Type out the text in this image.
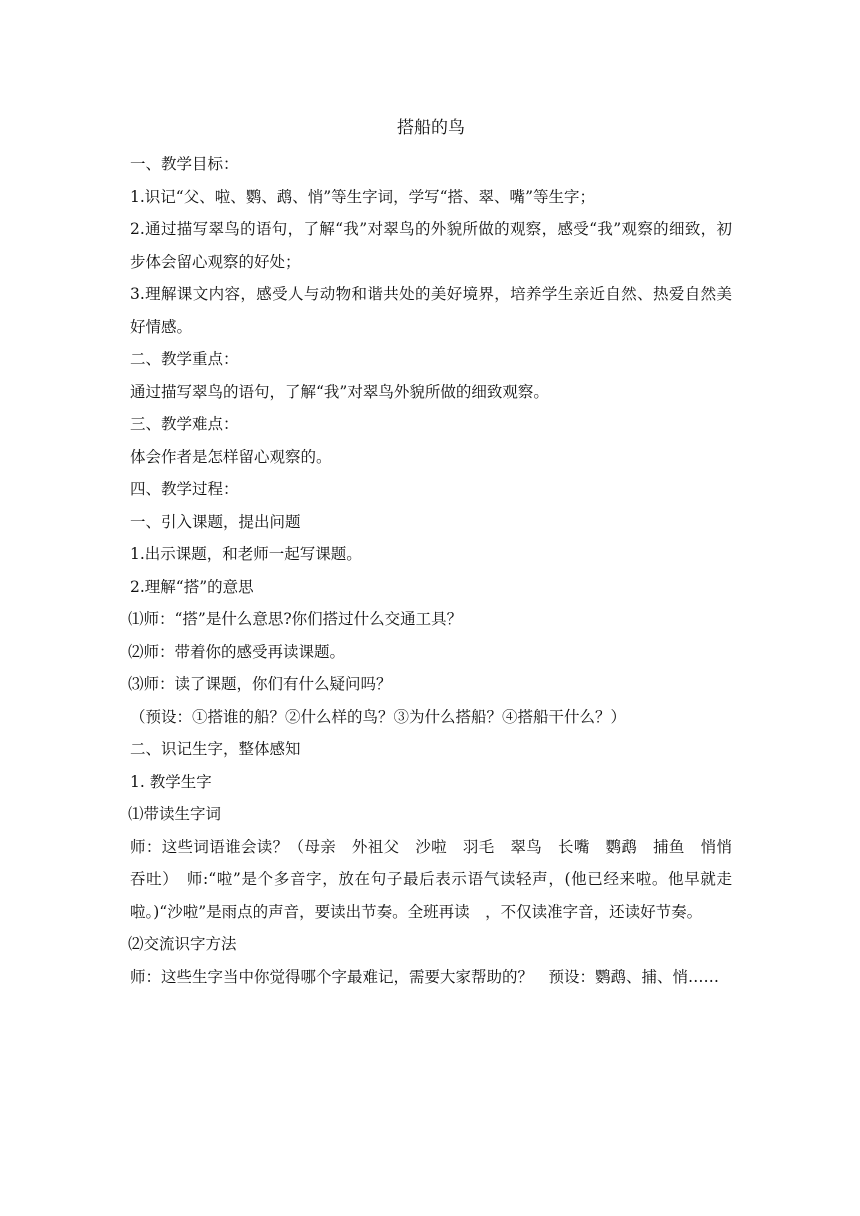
搭船的鸟

一、教学目标：

1.识记“父、啦、鹦、鹉、悄”等生字词，学写“搭、翠、嘴”等生字；

2.通过描写翠鸟的语句，了解“我”对翠鸟的外貌所做的观察，感受“我”观察的细致，初步体会留心观察的好处；

3.理解课文内容，感受人与动物和谐共处的美好境界，培养学生亲近自然、热爱自然美好情感。

二、教学重点：

通过描写翠鸟的语句，了解“我”对翠鸟外貌所做的细致观察。

三、教学难点：

体会作者是怎样留心观察的。

四、教学过程：

一、引入课题，提出问题

1.出示课题，和老师一起写课题。

2.理解“搭”的意思

⑴师：“搭”是什么意思?你们搭过什么交通工具？

⑵师：带着你的感受再读课题。

⑶师：读了课题，你们有什么疑问吗？

（预设：①搭谁的船？②什么样的鸟？③为什么搭船？④搭船干什么？）

二、识记生字，整体感知

1. 教学生字

⑴带读生字词

师：这些词语谁会读？（母亲　外祖父　沙啦　羽毛　翠鸟　长嘴　鹦鹉　捕鱼　悄悄　吞吐）　师:“啦”是个多音字，放在句子最后表示语气读轻声，(他已经来啦。他早就走啦。)“沙啦”是雨点的声音，要读出节奏。全班再读　，不仅读准字音，还读好节奏。

⑵交流识字方法

师：这些生字当中你觉得哪个字最难记，需要大家帮助的？　预设：鹦鹉、捕、悄……
